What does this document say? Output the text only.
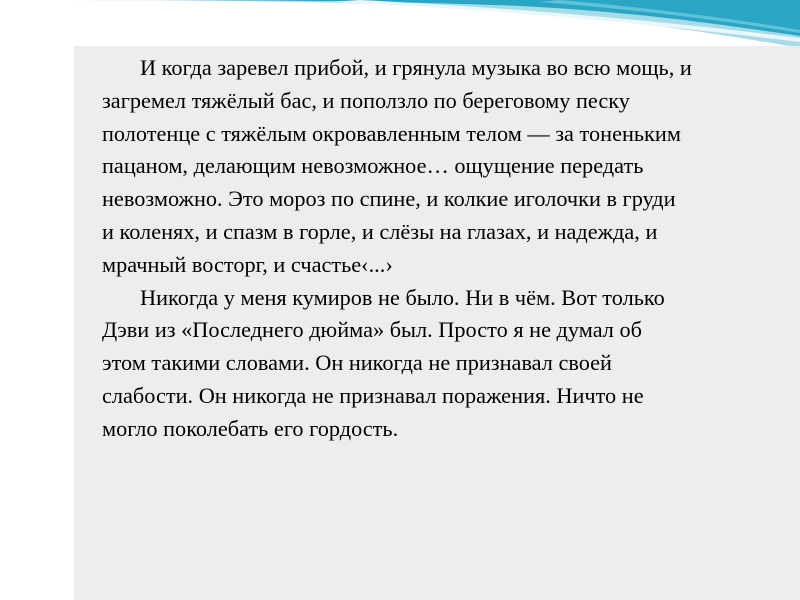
И когда заревел прибой, и грянула музыка во всю мощь, и
загремел тяжёлый бас, и поползло по береговому песку
полотенце с тяжёлым окровавленным телом — за тоненьким
пацаном, делающим невозможное… ощущение передать
невозможно. Это мороз по спине, и колкие иголочки в груди
и коленях, и спазм в горле, и слёзы на глазах, и надежда, и
мрачный восторг, и счастье‹...›

Никогда у меня кумиров не было. Ни в чём. Вот только
Дэви из «Последнего дюйма» был. Просто я не думал об
этом такими словами. Он никогда не признавал своей
слабости. Он никогда не признавал поражения. Ничто не
могло поколебать его гордость.
